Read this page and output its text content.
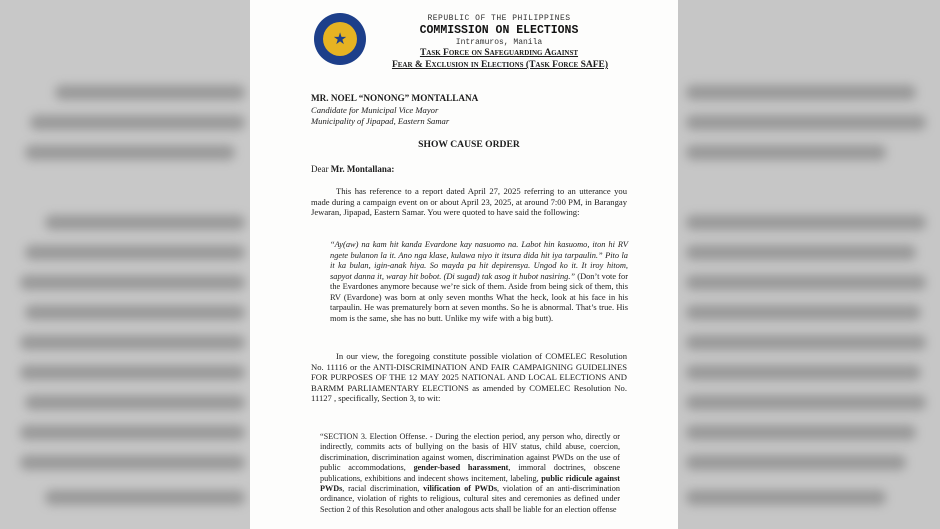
★
REPUBLIC OF THE PHILIPPINES
COMMISSION ON ELECTIONS
Intramuros, Manila
Task Force on Safeguarding Against
Fear & Exclusion in Elections (Task Force SAFE)
MR. NOEL “NONONG” MONTALLANA
Candidate for Municipal Vice Mayor
Municipality of Jipapad, Eastern Samar
SHOW CAUSE ORDER
Dear Mr. Montallana:
This has reference to a report dated April 27, 2025 referring to an utterance you made during a campaign event on or about April 23, 2025, at around 7:00 PM, in Barangay Jewaran, Jipapad, Eastern Samar. You were quoted to have said the following:
“Ay(aw) na kam hit kanda Evardone kay nasuomo na. Labot hin kasuomo, iton hi RV ngete bulanon la it. Ano nga klase, kulawa niyo it itsura dida hit iya tarpaulin.” Pito la it ka bulan, igin-anak hiya. So mayda pa hit depirensya. Ungod ko it. It iroy hitom, sapyot danna it, waray hit bobot. (Di sugad) tak asog it hubot nasiring.” (Don’t vote for the Evardones anymore because we’re sick of them. Aside from being sick of them, this RV (Evardone) was born at only seven months What the heck, look at his face in his tarpaulin. He was prematurely born at seven months. So he is abnormal. That’s true. His mom is the same, she has no butt. Unlike my wife with a big butt).
In our view, the foregoing constitute possible violation of COMELEC Resolution No. 11116 or the ANTI-DISCRIMINATION AND FAIR CAMPAIGNING GUIDELINES FOR PURPOSES OF THE 12 MAY 2025 NATIONAL AND LOCAL ELECTIONS AND BARMM PARLIAMENTARY ELECTIONS as amended by COMELEC Resolution No. 11127 , specifically, Section 3, to wit:
“SECTION 3. Election Offense. - During the election period, any person who, directly or indirectly, commits acts of bullying on the basis of HIV status, child abuse, coercion, discrimination, discrimination against women, discrimination against PWDs on the use of public accommodations, gender-based harassment, immoral doctrines, obscene publications, exhibitions and indecent shows incitement, labeling, public ridicule against PWDs, racial discrimination, vilification of PWDs, violation of an anti-discrimination ordinance, violation of rights to religious, cultural sites and ceremonies as defined under Section 2 of this Resolution and other analogous acts shall be liable for an election offense
